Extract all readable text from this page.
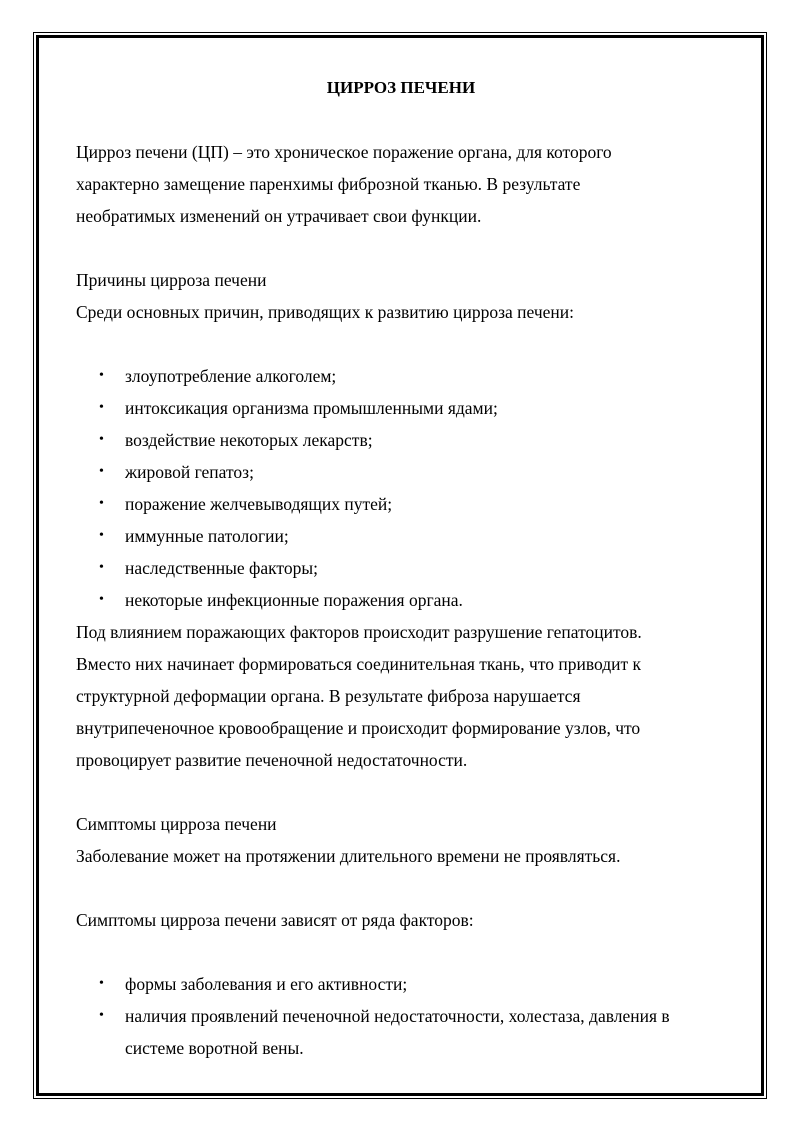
ЦИРРОЗ ПЕЧЕНИ

Цирроз печени (ЦП) – это хроническое поражение органа, для которого

характерно замещение паренхимы фиброзной тканью. В результате

необратимых изменений он утрачивает свои функции.

Причины цирроза печени

Среди основных причин, приводящих к развитию цирроза печени:

• злоупотребление алкоголем;
• интоксикация организма промышленными ядами;
• воздействие некоторых лекарств;
• жировой гепатоз;
• поражение желчевыводящих путей;
• иммунные патологии;
• наследственные факторы;
• некоторые инфекционные поражения органа.

Под влиянием поражающих факторов происходит разрушение гепатоцитов.

Вместо них начинает формироваться соединительная ткань, что приводит к

структурной деформации органа. В результате фиброза нарушается

внутрипеченочное кровообращение и происходит формирование узлов, что

провоцирует развитие печеночной недостаточности.

Симптомы цирроза печени

Заболевание может на протяжении длительного времени не проявляться.

Симптомы цирроза печени зависят от ряда факторов:

• формы заболевания и его активности;
• наличия проявлений печеночной недостаточности, холестаза, давления в
системе воротной вены.
